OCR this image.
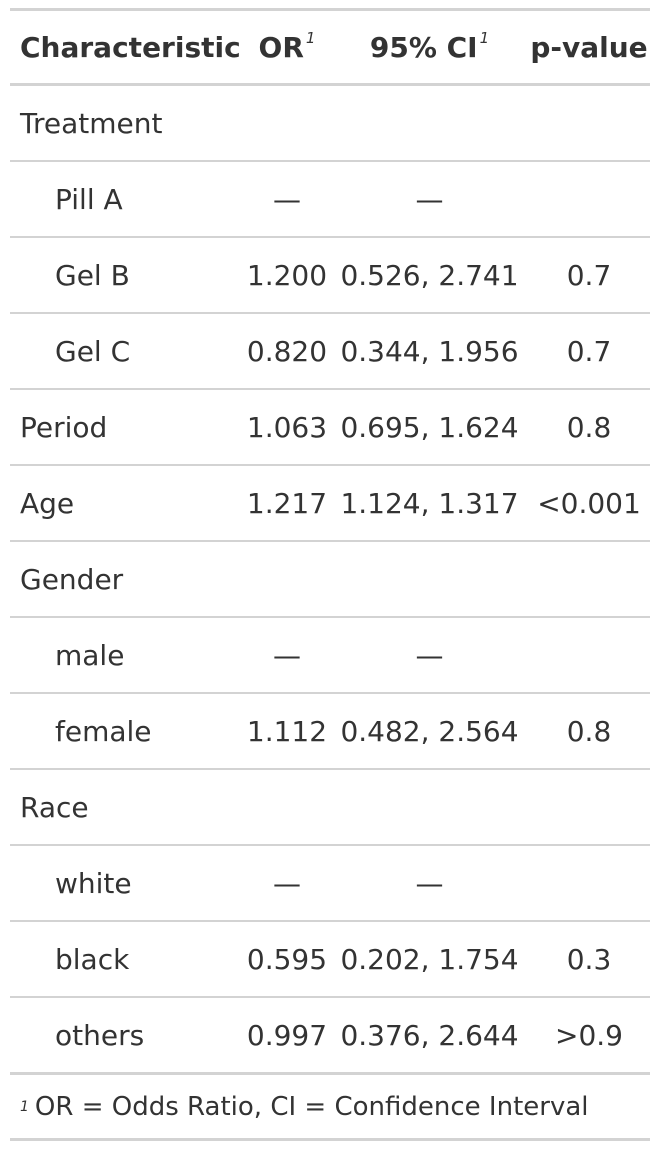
Characteristic	OR $^1$	95% CI $^1$	p-value
Treatment			
Pill A	—	—	
Gel B	1.200	0.526, 2.741	0.7
Gel C	0.820	0.344, 1.956	0.7
Period	1.063	0.695, 1.624	0.8
Age	1.217	1.124, 1.317	<0.001
Gender			
male	—	—	
female	1.112	0.482, 2.564	0.8
Race			
white	—	—	
black	0.595	0.202, 1.754	0.3
others	0.997	0.376, 2.644	>0.9
1 OR = Odds Ratio, CI = Confidence Interval
